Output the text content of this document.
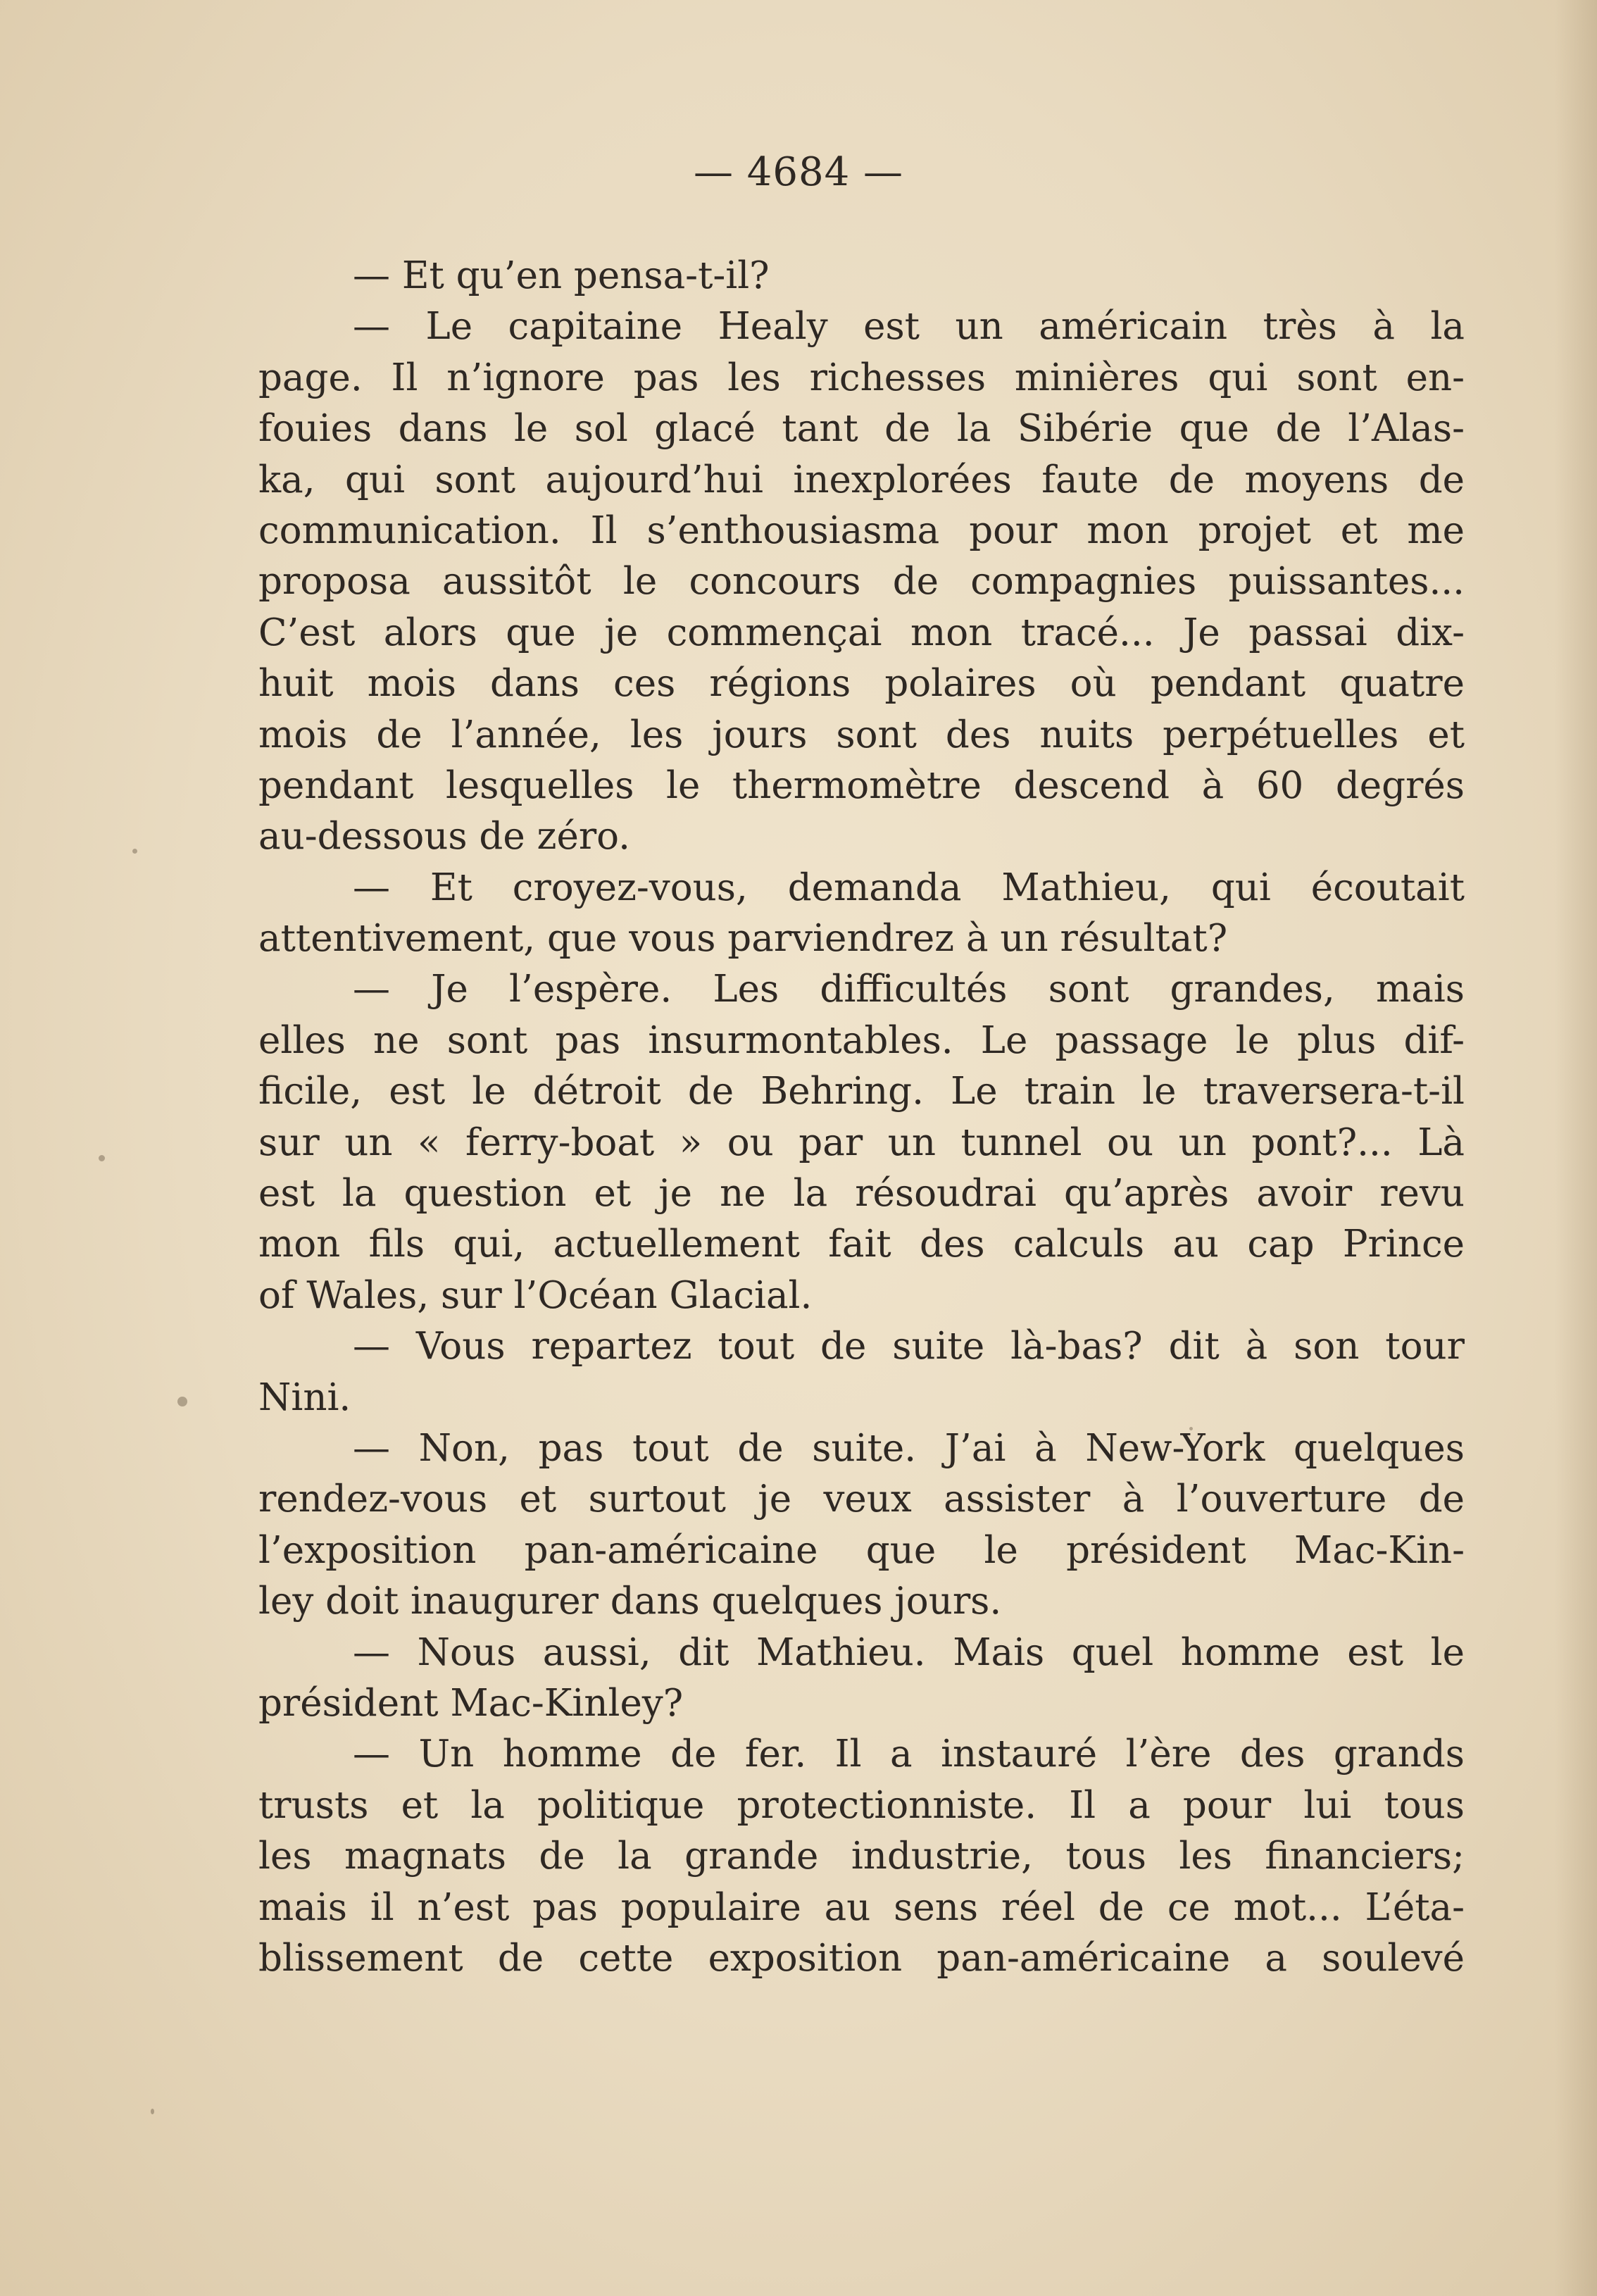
— 4684 —
— Et qu’en pensa-t-il?
— Le capitaine Healy est un américain très à la
page. Il n’ignore pas les richesses minières qui sont en-
fouies dans le sol glacé tant de la Sibérie que de l’Alas-
ka, qui sont aujourd’hui inexplorées faute de moyens de
communication. Il s’enthousiasma pour mon projet et me
proposa aussitôt le concours de compagnies puissantes...
C’est alors que je commençai mon tracé... Je passai dix-
huit mois dans ces régions polaires où pendant quatre
mois de l’année, les jours sont des nuits perpétuelles et
pendant lesquelles le thermomètre descend à 60 degrés
au-dessous de zéro.
— Et croyez-vous, demanda Mathieu, qui écoutait
attentivement, que vous parviendrez à un résultat?
— Je l’espère. Les difficultés sont grandes, mais
elles ne sont pas insurmontables. Le passage le plus dif-
ficile, est le détroit de Behring. Le train le traversera-t-il
sur un « ferry-boat » ou par un tunnel ou un pont?... Là
est la question et je ne la résoudrai qu’après avoir revu
mon fils qui, actuellement fait des calculs au cap Prince
of Wales, sur l’Océan Glacial.
— Vous repartez tout de suite là-bas? dit à son tour
Nini.
— Non, pas tout de suite. J’ai à New-York quelques
rendez-vous et surtout je veux assister à l’ouverture de
l’exposition pan-américaine que le président Mac-Kin-
ley doit inaugurer dans quelques jours.
— Nous aussi, dit Mathieu. Mais quel homme est le
président Mac-Kinley?
— Un homme de fer. Il a instauré l’ère des grands
trusts et la politique protectionniste. Il a pour lui tous
les magnats de la grande industrie, tous les financiers;
mais il n’est pas populaire au sens réel de ce mot... L’éta-
blissement de cette exposition pan-américaine a soulevé
